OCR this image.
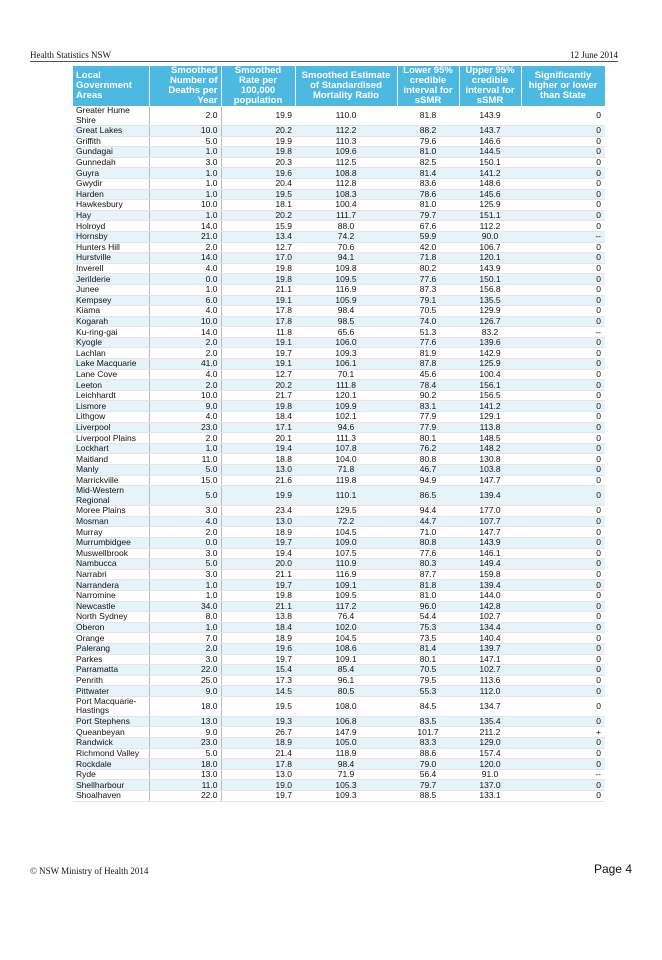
Health Statistics NSW	12 June 2014
Local Government Areas	Smoothed Number of Deaths per Year	Smoothed Rate per 100,000 population	Smoothed Estimate of Standardised Mortality Ratio	Lower 95% credible interval for sSMR	Upper 95% credible interval for sSMR	Significantly higher or lower than State
Greater Hume Shire	2.0	19.9	110.0	81.8	143.9	0
Great Lakes	10.0	20.2	112.2	88.2	143.7	0
Griffith	5.0	19.9	110.3	79.6	146.6	0
Gundagai	1.0	19.8	109.6	81.0	144.5	0
Gunnedah	3.0	20.3	112.5	82.5	150.1	0
Guyra	1.0	19.6	108.8	81.4	141.2	0
Gwydir	1.0	20.4	112.8	83.6	148.6	0
Harden	1.0	19.5	108.3	78.6	145.6	0
Hawkesbury	10.0	18.1	100.4	81.0	125.9	0
Hay	1.0	20.2	111.7	79.7	151.1	0
Holroyd	14.0	15.9	88.0	67.6	112.2	0
Hornsby	21.0	13.4	74.2	59.9	90.0	--
Hunters Hill	2.0	12.7	70.6	42.0	106.7	0
Hurstville	14.0	17.0	94.1	71.8	120.1	0
Inverell	4.0	19.8	109.8	80.2	143.9	0
Jerilderie	0.0	19.8	109.5	77.6	150.1	0
Junee	1.0	21.1	116.9	87.3	156.8	0
Kempsey	6.0	19.1	105.9	79.1	135.5	0
Kiama	4.0	17.8	98.4	70.5	129.9	0
Kogarah	10.0	17.8	98.5	74.0	126.7	0
Ku-ring-gai	14.0	11.8	65.6	51.3	83.2	--
Kyogle	2.0	19.1	106.0	77.6	139.6	0
Lachlan	2.0	19.7	109.3	81.9	142.9	0
Lake Macquarie	41.0	19.1	106.1	87.8	125.9	0
Lane Cove	4.0	12.7	70.1	45.6	100.4	0
Leeton	2.0	20.2	111.8	78.4	156.1	0
Leichhardt	10.0	21.7	120.1	90.2	156.5	0
Lismore	9.0	19.8	109.9	83.1	141.2	0
Lithgow	4.0	18.4	102.1	77.9	129.1	0
Liverpool	23.0	17.1	94.6	77.9	113.8	0
Liverpool Plains	2.0	20.1	111.3	80.1	148.5	0
Lockhart	1.0	19.4	107.8	76.2	148.2	0
Maitland	11.0	18.8	104.0	80.8	130.8	0
Manly	5.0	13.0	71.8	46.7	103.8	0
Marrickville	15.0	21.6	119.8	94.9	147.7	0
Mid-Western Regional	5.0	19.9	110.1	86.5	139.4	0
Moree Plains	3.0	23.4	129.5	94.4	177.0	0
Mosman	4.0	13.0	72.2	44.7	107.7	0
Murray	2.0	18.9	104.5	71.0	147.7	0
Murrumbidgee	0.0	19.7	109.0	80.8	143.9	0
Muswellbrook	3.0	19.4	107.5	77.6	146.1	0
Nambucca	5.0	20.0	110.9	80.3	149.4	0
Narrabri	3.0	21.1	116.9	87.7	159.8	0
Narrandera	1.0	19.7	109.1	81.8	139.4	0
Narromine	1.0	19.8	109.5	81.0	144.0	0
Newcastle	34.0	21.1	117.2	96.0	142.8	0
North Sydney	8.0	13.8	76.4	54.4	102.7	0
Oberon	1.0	18.4	102.0	75.3	134.4	0
Orange	7.0	18.9	104.5	73.5	140.4	0
Palerang	2.0	19.6	108.6	81.4	139.7	0
Parkes	3.0	19.7	109.1	80.1	147.1	0
Parramatta	22.0	15.4	85.4	70.5	102.7	0
Penrith	25.0	17.3	96.1	79.5	113.6	0
Pittwater	9.0	14.5	80.5	55.3	112.0	0
Port Macquarie-Hastings	18.0	19.5	108.0	84.5	134.7	0
Port Stephens	13.0	19.3	106.8	83.5	135.4	0
Queanbeyan	9.0	26.7	147.9	101.7	211.2	+
Randwick	23.0	18.9	105.0	83.3	129.0	0
Richmond Valley	5.0	21.4	118.9	88.6	157.4	0
Rockdale	18.0	17.8	98.4	79.0	120.0	0
Ryde	13.0	13.0	71.9	56.4	91.0	--
Shellharbour	11.0	19.0	105.3	79.7	137.0	0
Shoalhaven	22.0	19.7	109.3	88.5	133.1	0
© NSW Ministry of Health 2014	Page 4
